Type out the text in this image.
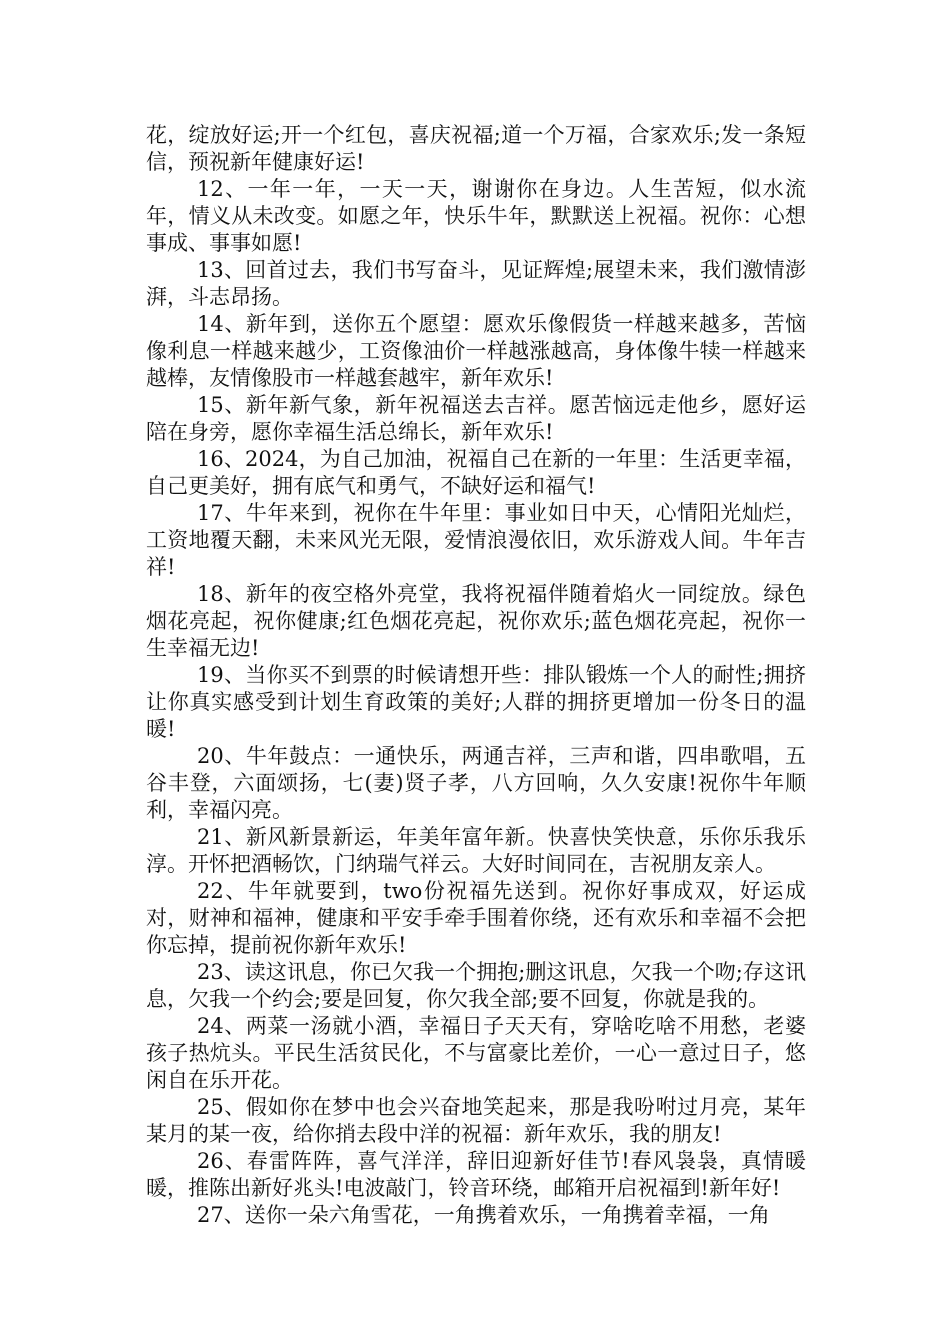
花，绽放好运;开一个红包，喜庆祝福;道一个万福，合家欢乐;发一条短信，预祝新年健康好运!

12、一年一年，一天一天，谢谢你在身边。人生苦短，似水流年，情义从未改变。如愿之年，快乐牛年，默默送上祝福。祝你：心想事成、事事如愿!

13、回首过去，我们书写奋斗，见证辉煌;展望未来，我们激情澎湃，斗志昂扬。

14、新年到，送你五个愿望：愿欢乐像假货一样越来越多，苦恼像利息一样越来越少，工资像油价一样越涨越高，身体像牛犊一样越来越棒，友情像股市一样越套越牢，新年欢乐!

15、新年新气象，新年祝福送去吉祥。愿苦恼远走他乡，愿好运陪在身旁，愿你幸福生活总绵长，新年欢乐!

16、2024，为自己加油，祝福自己在新的一年里：生活更幸福，自己更美好，拥有底气和勇气，不缺好运和福气!

17、牛年来到，祝你在牛年里：事业如日中天，心情阳光灿烂，工资地覆天翻，未来风光无限，爱情浪漫依旧，欢乐游戏人间。牛年吉祥!

18、新年的夜空格外亮堂，我将祝福伴随着焰火一同绽放。绿色烟花亮起，祝你健康;红色烟花亮起，祝你欢乐;蓝色烟花亮起，祝你一生幸福无边!

19、当你买不到票的时候请想开些：排队锻炼一个人的耐性;拥挤让你真实感受到计划生育政策的美好;人群的拥挤更增加一份冬日的温暖!

20、牛年鼓点：一通快乐，两通吉祥，三声和谐，四串歌唱，五谷丰登，六面颂扬，七(妻)贤子孝，八方回响，久久安康!祝你牛年顺利，幸福闪亮。

21、新风新景新运，年美年富年新。快喜快笑快意，乐你乐我乐淳。开怀把酒畅饮，门纳瑞气祥云。大好时间同在，吉祝朋友亲人。

22、牛年就要到，two份祝福先送到。祝你好事成双，好运成对，财神和福神，健康和平安手牵手围着你绕，还有欢乐和幸福不会把你忘掉，提前祝你新年欢乐!

23、读这讯息，你已欠我一个拥抱;删这讯息，欠我一个吻;存这讯息，欠我一个约会;要是回复，你欠我全部;要不回复，你就是我的。

24、两菜一汤就小酒，幸福日子天天有，穿啥吃啥不用愁，老婆孩子热炕头。平民生活贫民化，不与富豪比差价，一心一意过日子，悠闲自在乐开花。

25、假如你在梦中也会兴奋地笑起来，那是我吩咐过月亮，某年某月的某一夜，给你捎去段中洋的祝福：新年欢乐，我的朋友!

26、春雷阵阵，喜气洋洋，辞旧迎新好佳节!春风袅袅，真情暖暖，推陈出新好兆头!电波敲门，铃音环绕，邮箱开启祝福到!新年好!

27、送你一朵六角雪花，一角携着欢乐，一角携着幸福，一角
